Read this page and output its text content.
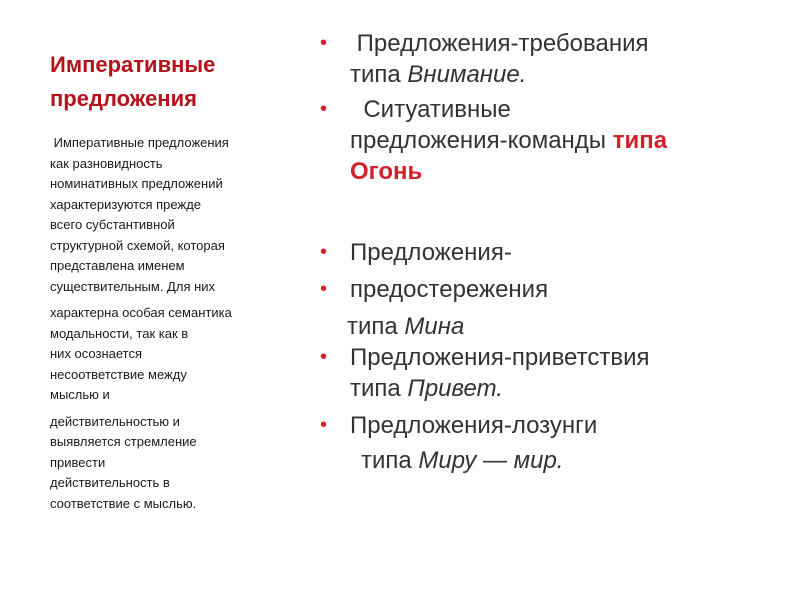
Императивные
предложения
Императивные предложения
как разновидность
номинативных предложений
характеризуются прежде
всего субстантивной
структурной схемой, которая
представлена именем
существительным. Для них
характерна особая семантика
модальности, так как в
них осознается
несоответствие между
мыслью и
действительностью и
выявляется стремление
привести
действительность в
соответствие с мыслью.
• Предложения-требования
типа Внимание.
• Ситуативные
предложения-команды типа
Огонь
• Предложения-
• предостережения
типа Мина
• Предложения-приветствия
типа Привет.
• Предложения-лозунги
типа Миру — мир.
